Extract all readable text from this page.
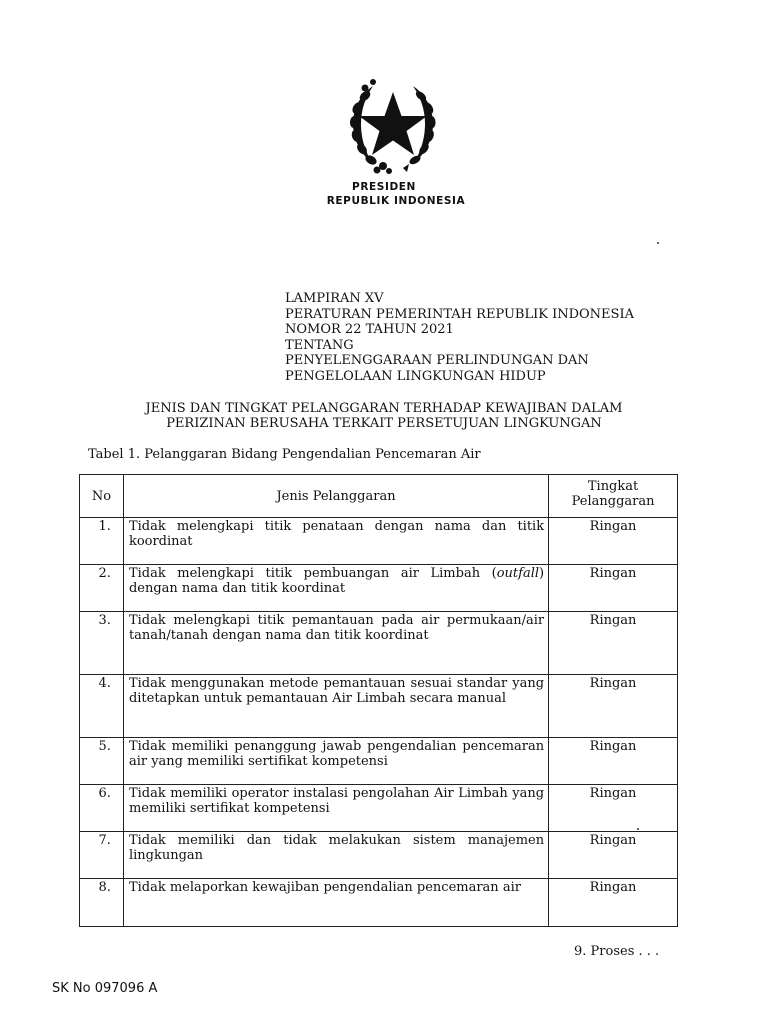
PRESIDEN
REPUBLIK INDONESIA
LAMPIRAN XV
PERATURAN PEMERINTAH REPUBLIK INDONESIA
NOMOR 22 TAHUN 2021
TENTANG
PENYELENGGARAAN PERLINDUNGAN DAN
PENGELOLAAN LINGKUNGAN HIDUP
JENIS DAN TINGKAT PELANGGARAN TERHADAP KEWAJIBAN DALAM
PERIZINAN BERUSAHA TERKAIT PERSETUJUAN LINGKUNGAN
Tabel 1. Pelanggaran Bidang Pengendalian Pencemaran Air
No	Jenis Pelanggaran	Tingkat
Pelanggaran

1.	Tidak melengkapi titik penataan dengan nama dan titik koordinat	Ringan
2.	Tidak melengkapi titik pembuangan air Limbah (outfall) dengan nama dan titik koordinat	Ringan
3.	Tidak melengkapi titik pemantauan pada air permukaan/air tanah/tanah dengan nama dan titik koordinat	Ringan
4.	Tidak menggunakan metode pemantauan sesuai standar yang ditetapkan untuk pemantauan Air Limbah secara manual	Ringan
5.	Tidak memiliki penanggung jawab pengendalian pencemaran air yang memiliki sertifikat kompetensi	Ringan
6.	Tidak memiliki operator instalasi pengolahan Air Limbah yang memiliki sertifikat kompetensi	Ringan
7.	Tidak memiliki dan tidak melakukan sistem manajemen lingkungan	Ringan
8.	Tidak melaporkan kewajiban pengendalian pencemaran air	Ringan
9. Proses . . .
SK No 097096 A
